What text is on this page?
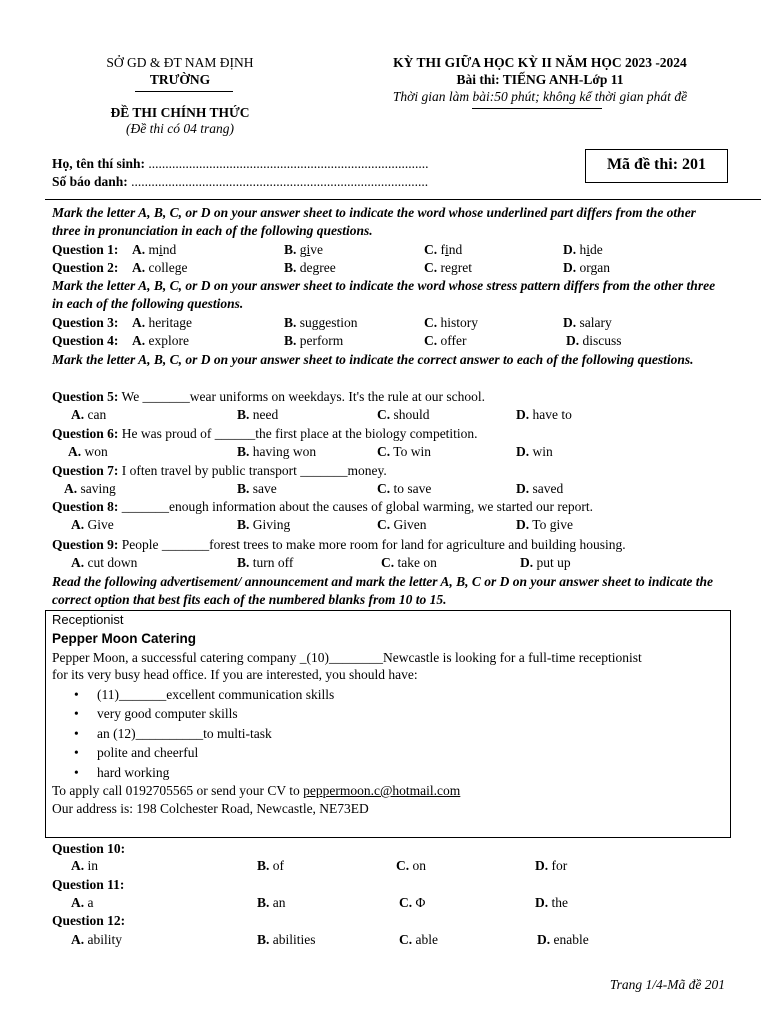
SỞ GD & ĐT NAM ĐỊNH
TRƯỜNG
ĐỀ THI CHÍNH THỨC
(Đề thi có 04 trang)
KỲ THI GIỮA HỌC KỲ II NĂM HỌC 2023 -2024
Bài thi: TIẾNG ANH-Lớp 11
Thời gian làm bài:50 phút; không kể thời gian phát đề
Họ, tên thí sinh: ...................................................................................
Số báo danh: ........................................................................................
Mã đề thi: 201
Mark the letter A, B, C, or D on your answer sheet to indicate the word whose underlined part differs from the other three in pronunciation in each of the following questions.
Question 1: A. mind	B. give	C. find	D. hide
Question 2: A. college	B. degree	C. regret	D. organ
Mark the letter A, B, C, or D on your answer sheet to indicate the word whose stress pattern differs from the other three in each of the following questions.
Question 3: A. heritage	B. suggestion	C. history	D. salary
Question 4: A. explore	B. perform	C. offer	D. discuss
Mark the letter A, B, C, or D on your answer sheet to indicate the correct answer to each of the following questions.
Question 5: We _______wear uniforms on weekdays. It's the rule at our school.
A. can	B. need	C. should	D. have to
Question 6: He was proud of ______the first place at the biology competition.
A. won	B. having won	C. To win	D. win
Question 7: I often travel by public transport _______money.
A. saving	B. save	C. to save	D. saved
Question 8: _______enough information about the causes of global warming, we started our report.
A. Give	B. Giving	C. Given	D. To give
Question 9: People _______forest trees to make more room for land for agriculture and building housing.
A. cut down	B. turn off	C. take on	D. put up
Read the following advertisement/ announcement and mark the letter A, B, C or D on your answer sheet to indicate the correct option that best fits each of the numbered blanks from 10 to 15.
Receptionist
Pepper Moon Catering
Pepper Moon, a successful catering company _(10)________Newcastle is looking for a full-time receptionist
for its very busy head office. If you are interested, you should have:
• (11)_______excellent communication skills
• very good computer skills
• an (12)__________to multi-task
• polite and cheerful
• hard working
To apply call 0192705565 or send your CV to peppermoon.c@hotmail.com
Our address is: 198 Colchester Road, Newcastle, NE73ED
Question 10:
A. in	B. of	C. on	D. for
Question 11:
A. a	B. an	C. Φ	D. the
Question 12:
A. ability	B. abilities	C. able	D. enable
Trang 1/4-Mã đề 201
